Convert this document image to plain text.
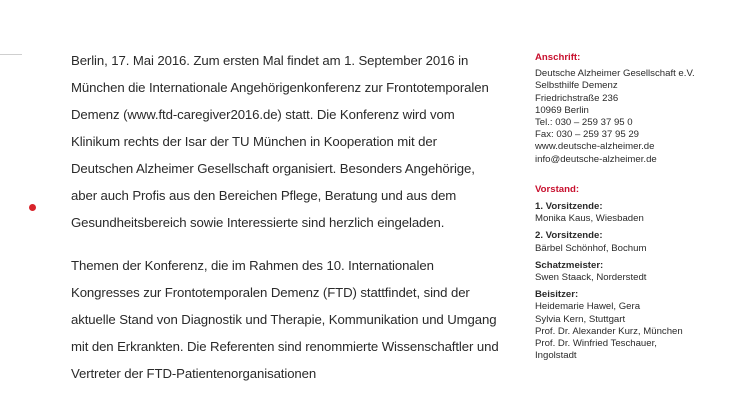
Berlin, 17. Mai 2016. Zum ersten Mal findet am 1. September 2016 in München die Internationale Angehörigenkonferenz zur Frontotemporalen Demenz (www.ftd-caregiver2016.de) statt. Die Konferenz wird vom Klinikum rechts der Isar der TU München in Kooperation mit der Deutschen Alzheimer Gesellschaft organisiert. Besonders Angehörige, aber auch Profis aus den Bereichen Pflege, Beratung und aus dem Gesundheitsbereich sowie Interessierte sind herzlich eingeladen.

Themen der Konferenz, die im Rahmen des 10. Internationalen Kongresses zur Frontotemporalen Demenz (FTD) stattfindet, sind der aktuelle Stand von Diagnostik und Therapie, Kommunikation und Umgang mit den Erkrankten. Die Referenten sind renommierte Wissenschaftler und Vertreter der FTD-Patientenorganisationen

Anschrift:
Deutsche Alzheimer Gesellschaft e.V.
Selbsthilfe Demenz
Friedrichstraße 236
10969 Berlin
Tel.: 030 – 259 37 95 0
Fax: 030 – 259 37 95 29
www.deutsche-alzheimer.de
info@deutsche-alzheimer.de
Vorstand:
1. Vorsitzende:
Monika Kaus, Wiesbaden
2. Vorsitzende:
Bärbel Schönhof, Bochum
Schatzmeister:
Swen Staack, Norderstedt
Beisitzer:
Heidemarie Hawel, Gera
Sylvia Kern, Stuttgart
Prof. Dr. Alexander Kurz, München
Prof. Dr. Winfried Teschauer,
Ingolstadt
